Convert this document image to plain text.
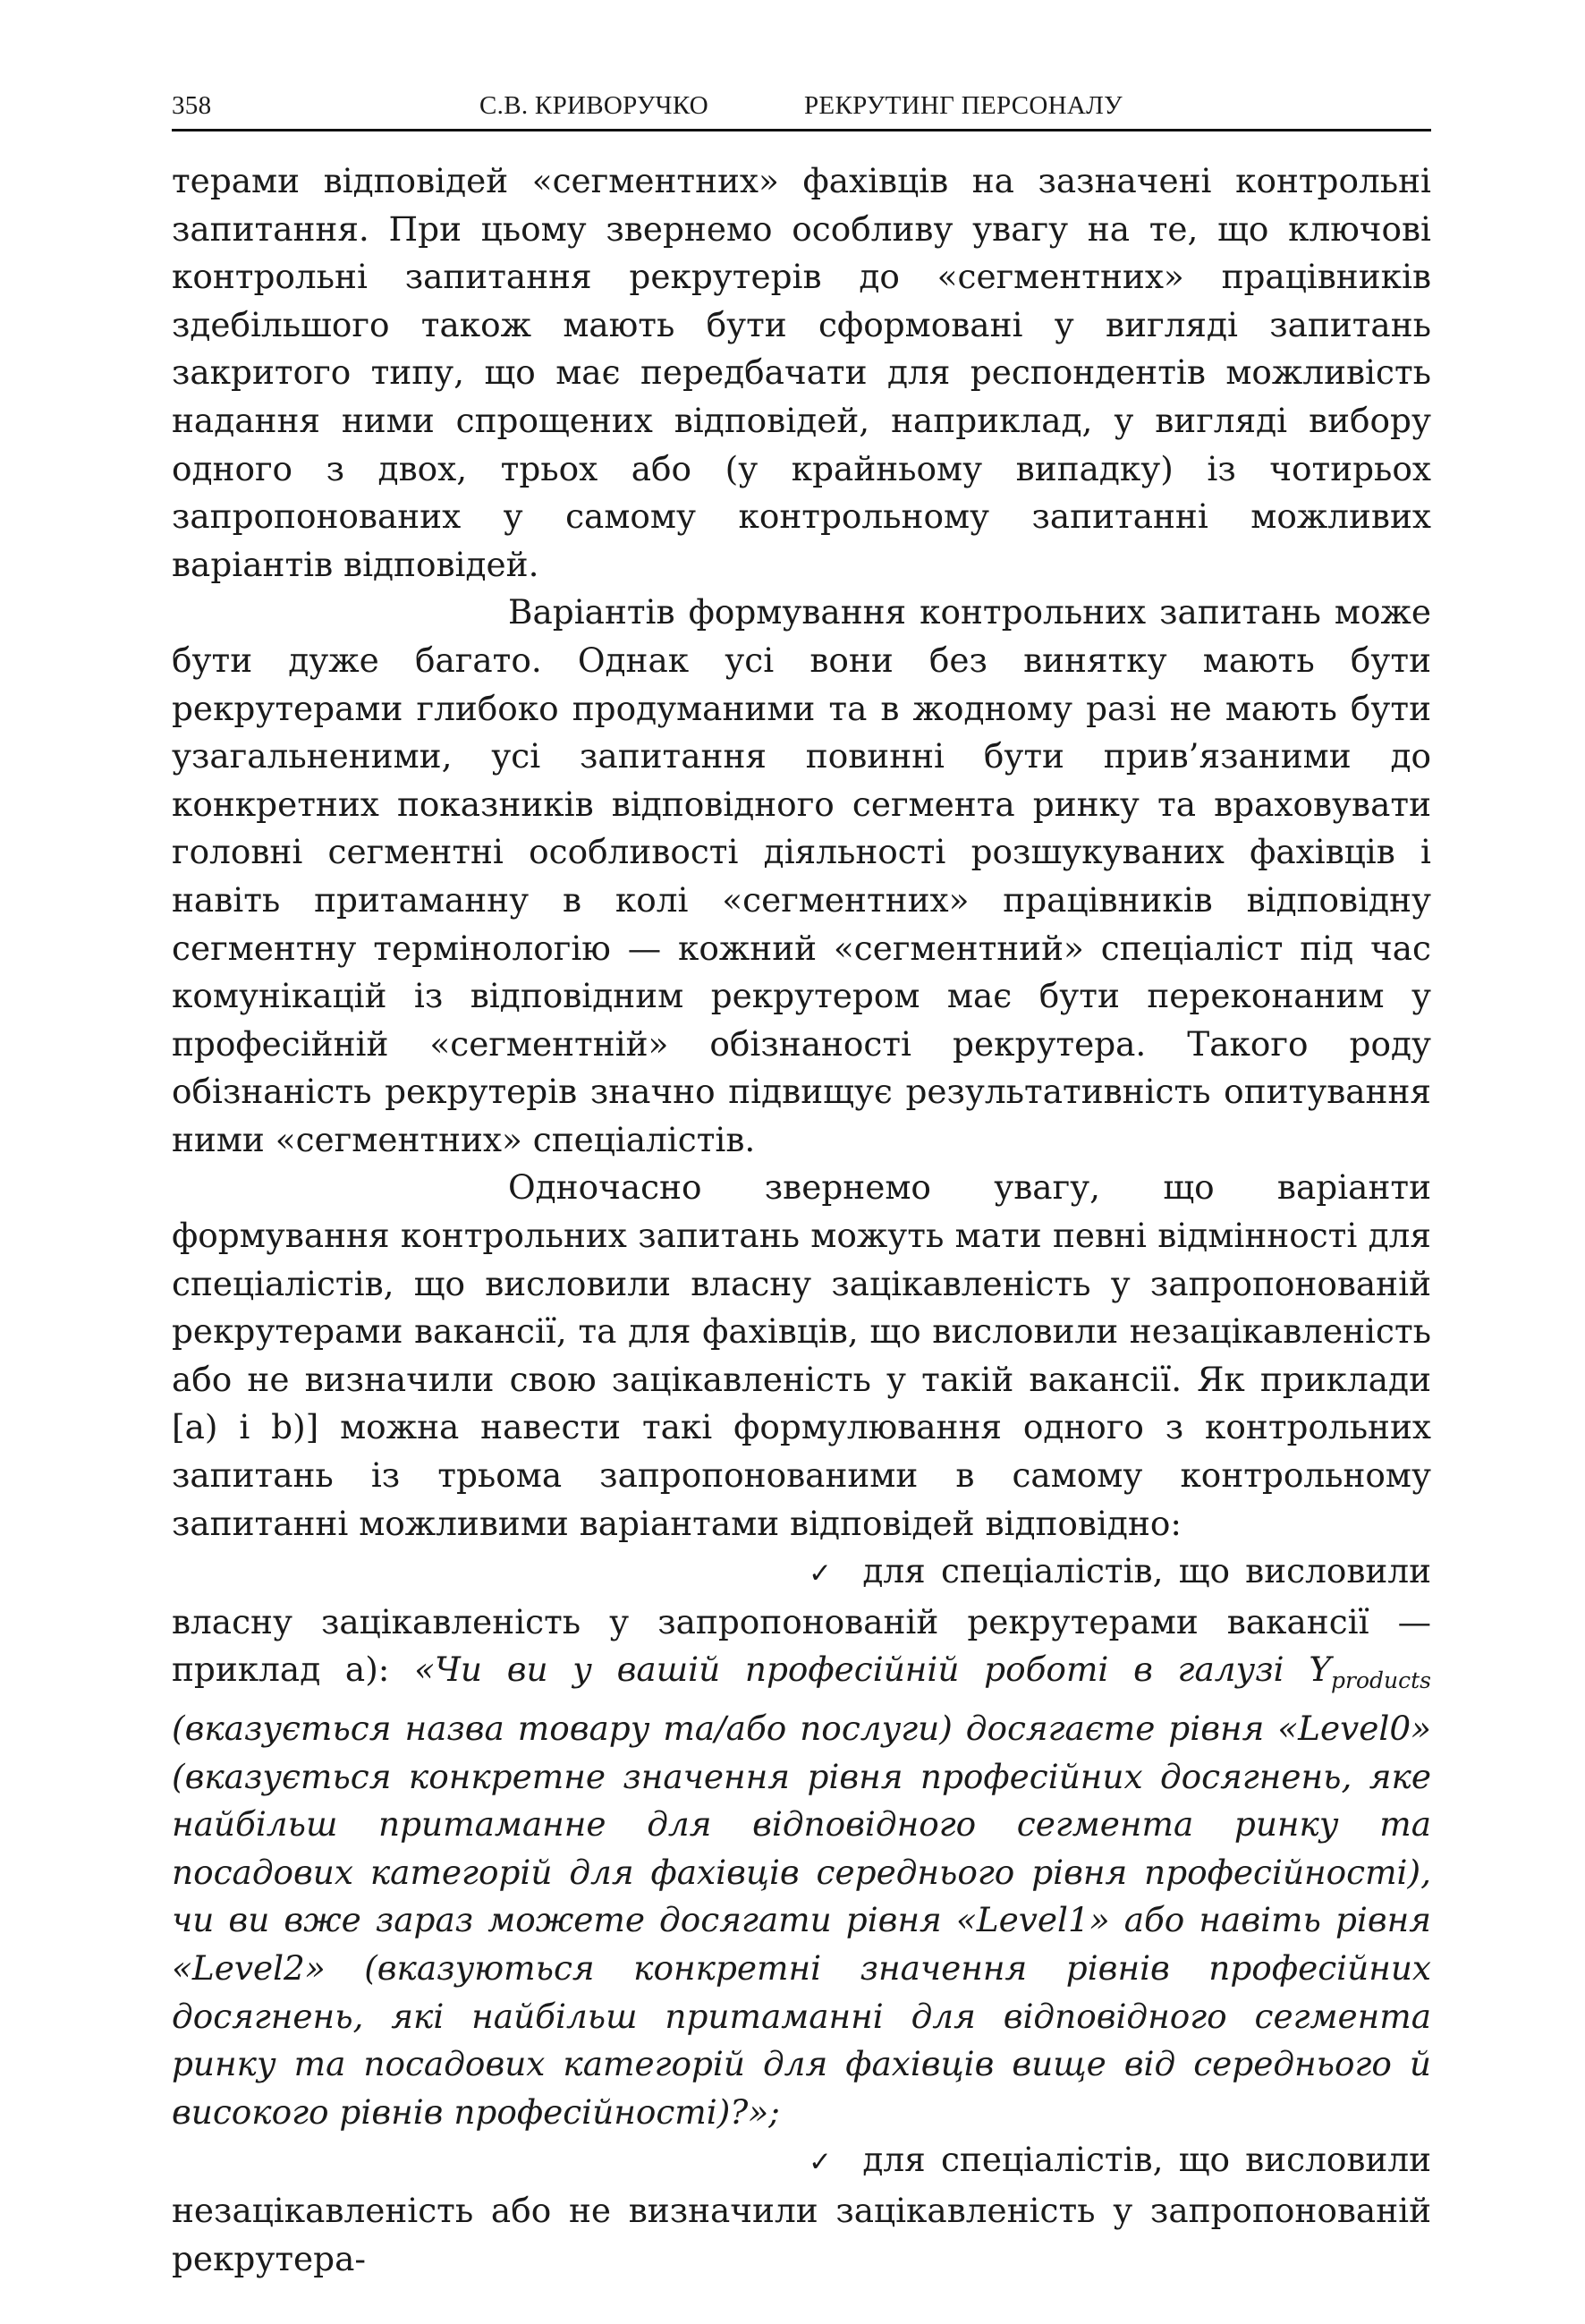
358	С.В. КРИВОРУЧКО	РЕКРУТИНГ ПЕРСОНАЛУ

терами відповідей «сегментних» фахівців на зазначені контрольні запитання. При цьому звернемо особливу увагу на те, що ключові контрольні запитання рекрутерів до «сегментних» працівників здебільшого також мають бути сформовані у вигляді запитань закритого типу, що має передбачати для респондентів можливість надання ними спрощених відповідей, наприклад, у вигляді вибору одного з двох, трьох або (у крайньому випадку) із чотирьох запропонованих у самому контрольному запитанні можливих варіантів відповідей.

Варіантів формування контрольних запитань може бути дуже багато. Однак усі вони без винятку мають бути рекрутерами глибоко продуманими та в жодному разі не мають бути узагальненими, усі запитання повинні бути прив’язаними до конкретних показників відповідного сегмента ринку та враховувати головні сегментні особливості діяльності розшукуваних фахівців і навіть притаманну в колі «сегментних» працівників відповідну сегментну термінологію — кожний «сегментний» спеціаліст під час комунікацій із відповідним рекрутером має бути переконаним у професійній «сегментній» обізнаності рекрутера. Такого роду обізнаність рекрутерів значно підвищує результативність опитування ними «сегментних» спеціалістів.

Одночасно звернемо увагу, що варіанти формування контрольних запитань можуть мати певні відмінності для спеціалістів, що висловили власну зацікавленість у запропонованій рекрутерами вакансії, та для фахівців, що висловили незацікавленість або не визначили свою зацікавленість у такій вакансії. Як приклади [a) і b)] можна навести такі формулювання одного з контрольних запитань із трьома запропонованими в самому контрольному запитанні можливими варіантами відповідей відповідно:

✓ для спеціалістів, що висловили власну зацікавленість у запропонованій рекрутерами вакансії — приклад а): «Чи ви у вашій професійній роботі в галузі $Y_{products}$ (вказується назва товару та/або послуги) досягаєте рівня «Level0» (вказується конкретне значення рівня професійних досягнень, яке найбільш притаманне для відповідного сегмента ринку та посадових категорій для фахівців середнього рівня професійності), чи ви вже зараз можете досягати рівня «Level1» або навіть рівня «Level2» (вказуються конкретні значення рівнів професійних досягнень, які найбільш притаманні для відповідного сегмента ринку та посадових категорій для фахівців вище від середнього й високого рівнів професійності)?»;

✓ для спеціалістів, що висловили незацікавленість або не визначили зацікавленість у запропонованій рекрутера-
